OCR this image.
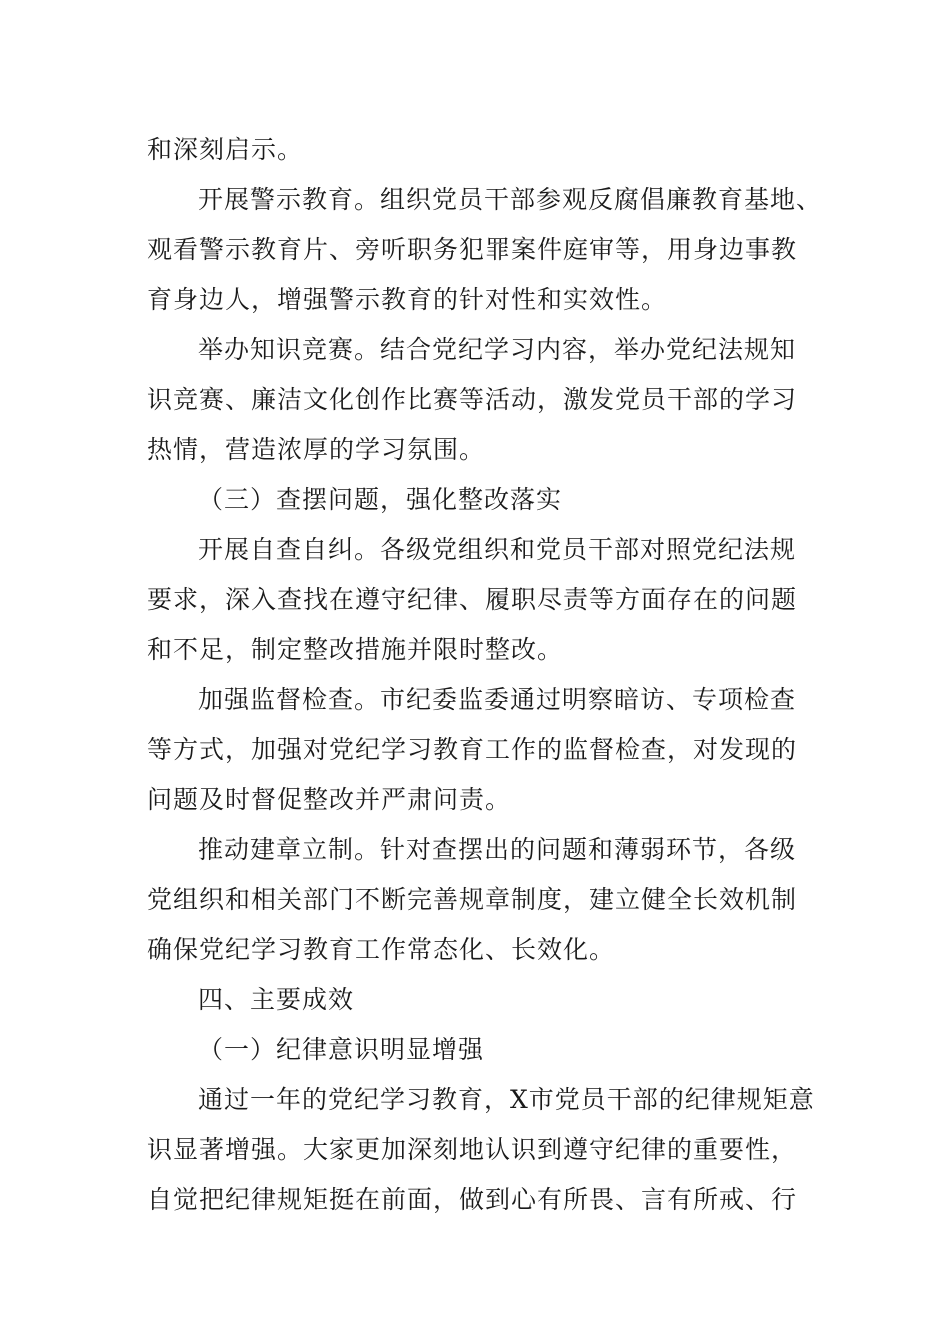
和深刻启示。
开展警示教育。组织党员干部参观反腐倡廉教育基地、
观看警示教育片、旁听职务犯罪案件庭审等，用身边事教
育身边人，增强警示教育的针对性和实效性。
举办知识竞赛。结合党纪学习内容，举办党纪法规知
识竞赛、廉洁文化创作比赛等活动，激发党员干部的学习
热情，营造浓厚的学习氛围。
（三）查摆问题，强化整改落实
开展自查自纠。各级党组织和党员干部对照党纪法规
要求，深入查找在遵守纪律、履职尽责等方面存在的问题
和不足，制定整改措施并限时整改。
加强监督检查。市纪委监委通过明察暗访、专项检查
等方式，加强对党纪学习教育工作的监督检查，对发现的
问题及时督促整改并严肃问责。
推动建章立制。针对查摆出的问题和薄弱环节，各级
党组织和相关部门不断完善规章制度，建立健全长效机制
确保党纪学习教育工作常态化、长效化。
四、主要成效
（一）纪律意识明显增强
通过一年的党纪学习教育，X市党员干部的纪律规矩意
识显著增强。大家更加深刻地认识到遵守纪律的重要性，
自觉把纪律规矩挺在前面，做到心有所畏、言有所戒、行
